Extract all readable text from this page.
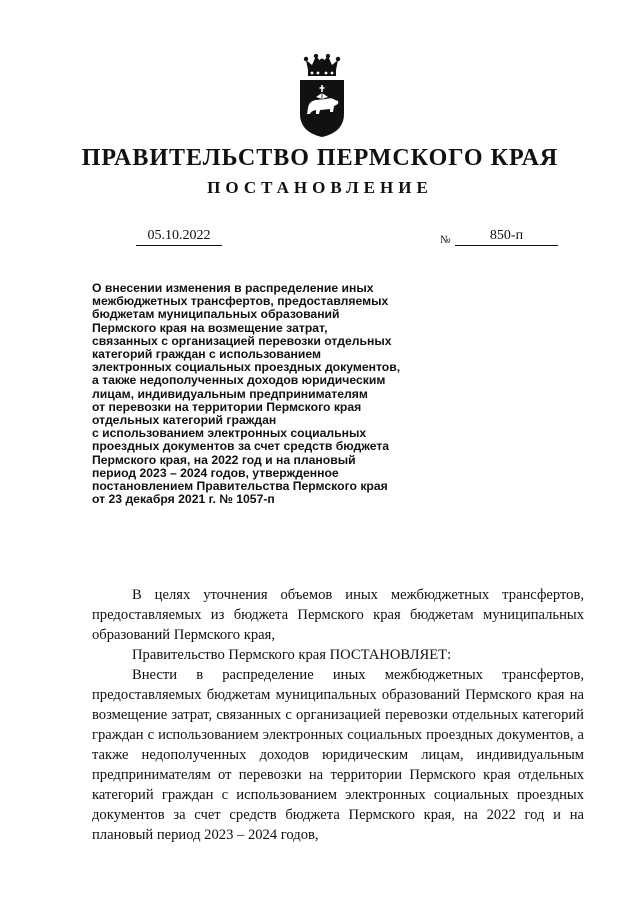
ПРАВИТЕЛЬСТВО ПЕРМСКОГО КРАЯ
ПОСТАНОВЛЕНИЕ
05.10.2022	№	850-п
О внесении изменения в распределение иных
межбюджетных трансфертов, предоставляемых
бюджетам муниципальных образований
Пермского края на возмещение затрат,
связанных с организацией перевозки отдельных
категорий граждан с использованием
электронных социальных проездных документов,
а также недополученных доходов юридическим
лицам, индивидуальным предпринимателям
от перевозки на территории Пермского края
отдельных категорий граждан
с использованием электронных социальных
проездных документов за счет средств бюджета
Пермского края, на 2022 год и на плановый
период 2023 – 2024 годов, утвержденное
постановлением Правительства Пермского края
от 23 декабря 2021 г. № 1057-п

В целях уточнения объемов иных межбюджетных трансфертов, предоставляемых из бюджета Пермского края бюджетам муниципальных образований Пермского края,

Правительство Пермского края ПОСТАНОВЛЯЕТ:

Внести в распределение иных межбюджетных трансфертов, предоставляемых бюджетам муниципальных образований Пермского края на возмещение затрат, связанных с организацией перевозки отдельных категорий граждан с использованием электронных социальных проездных документов, а также недополученных доходов юридическим лицам, индивидуальным предпринимателям от перевозки на территории Пермского края отдельных категорий граждан с использованием электронных социальных проездных документов за счет средств бюджета Пермского края, на 2022 год и на плановый период 2023 – 2024 годов,
